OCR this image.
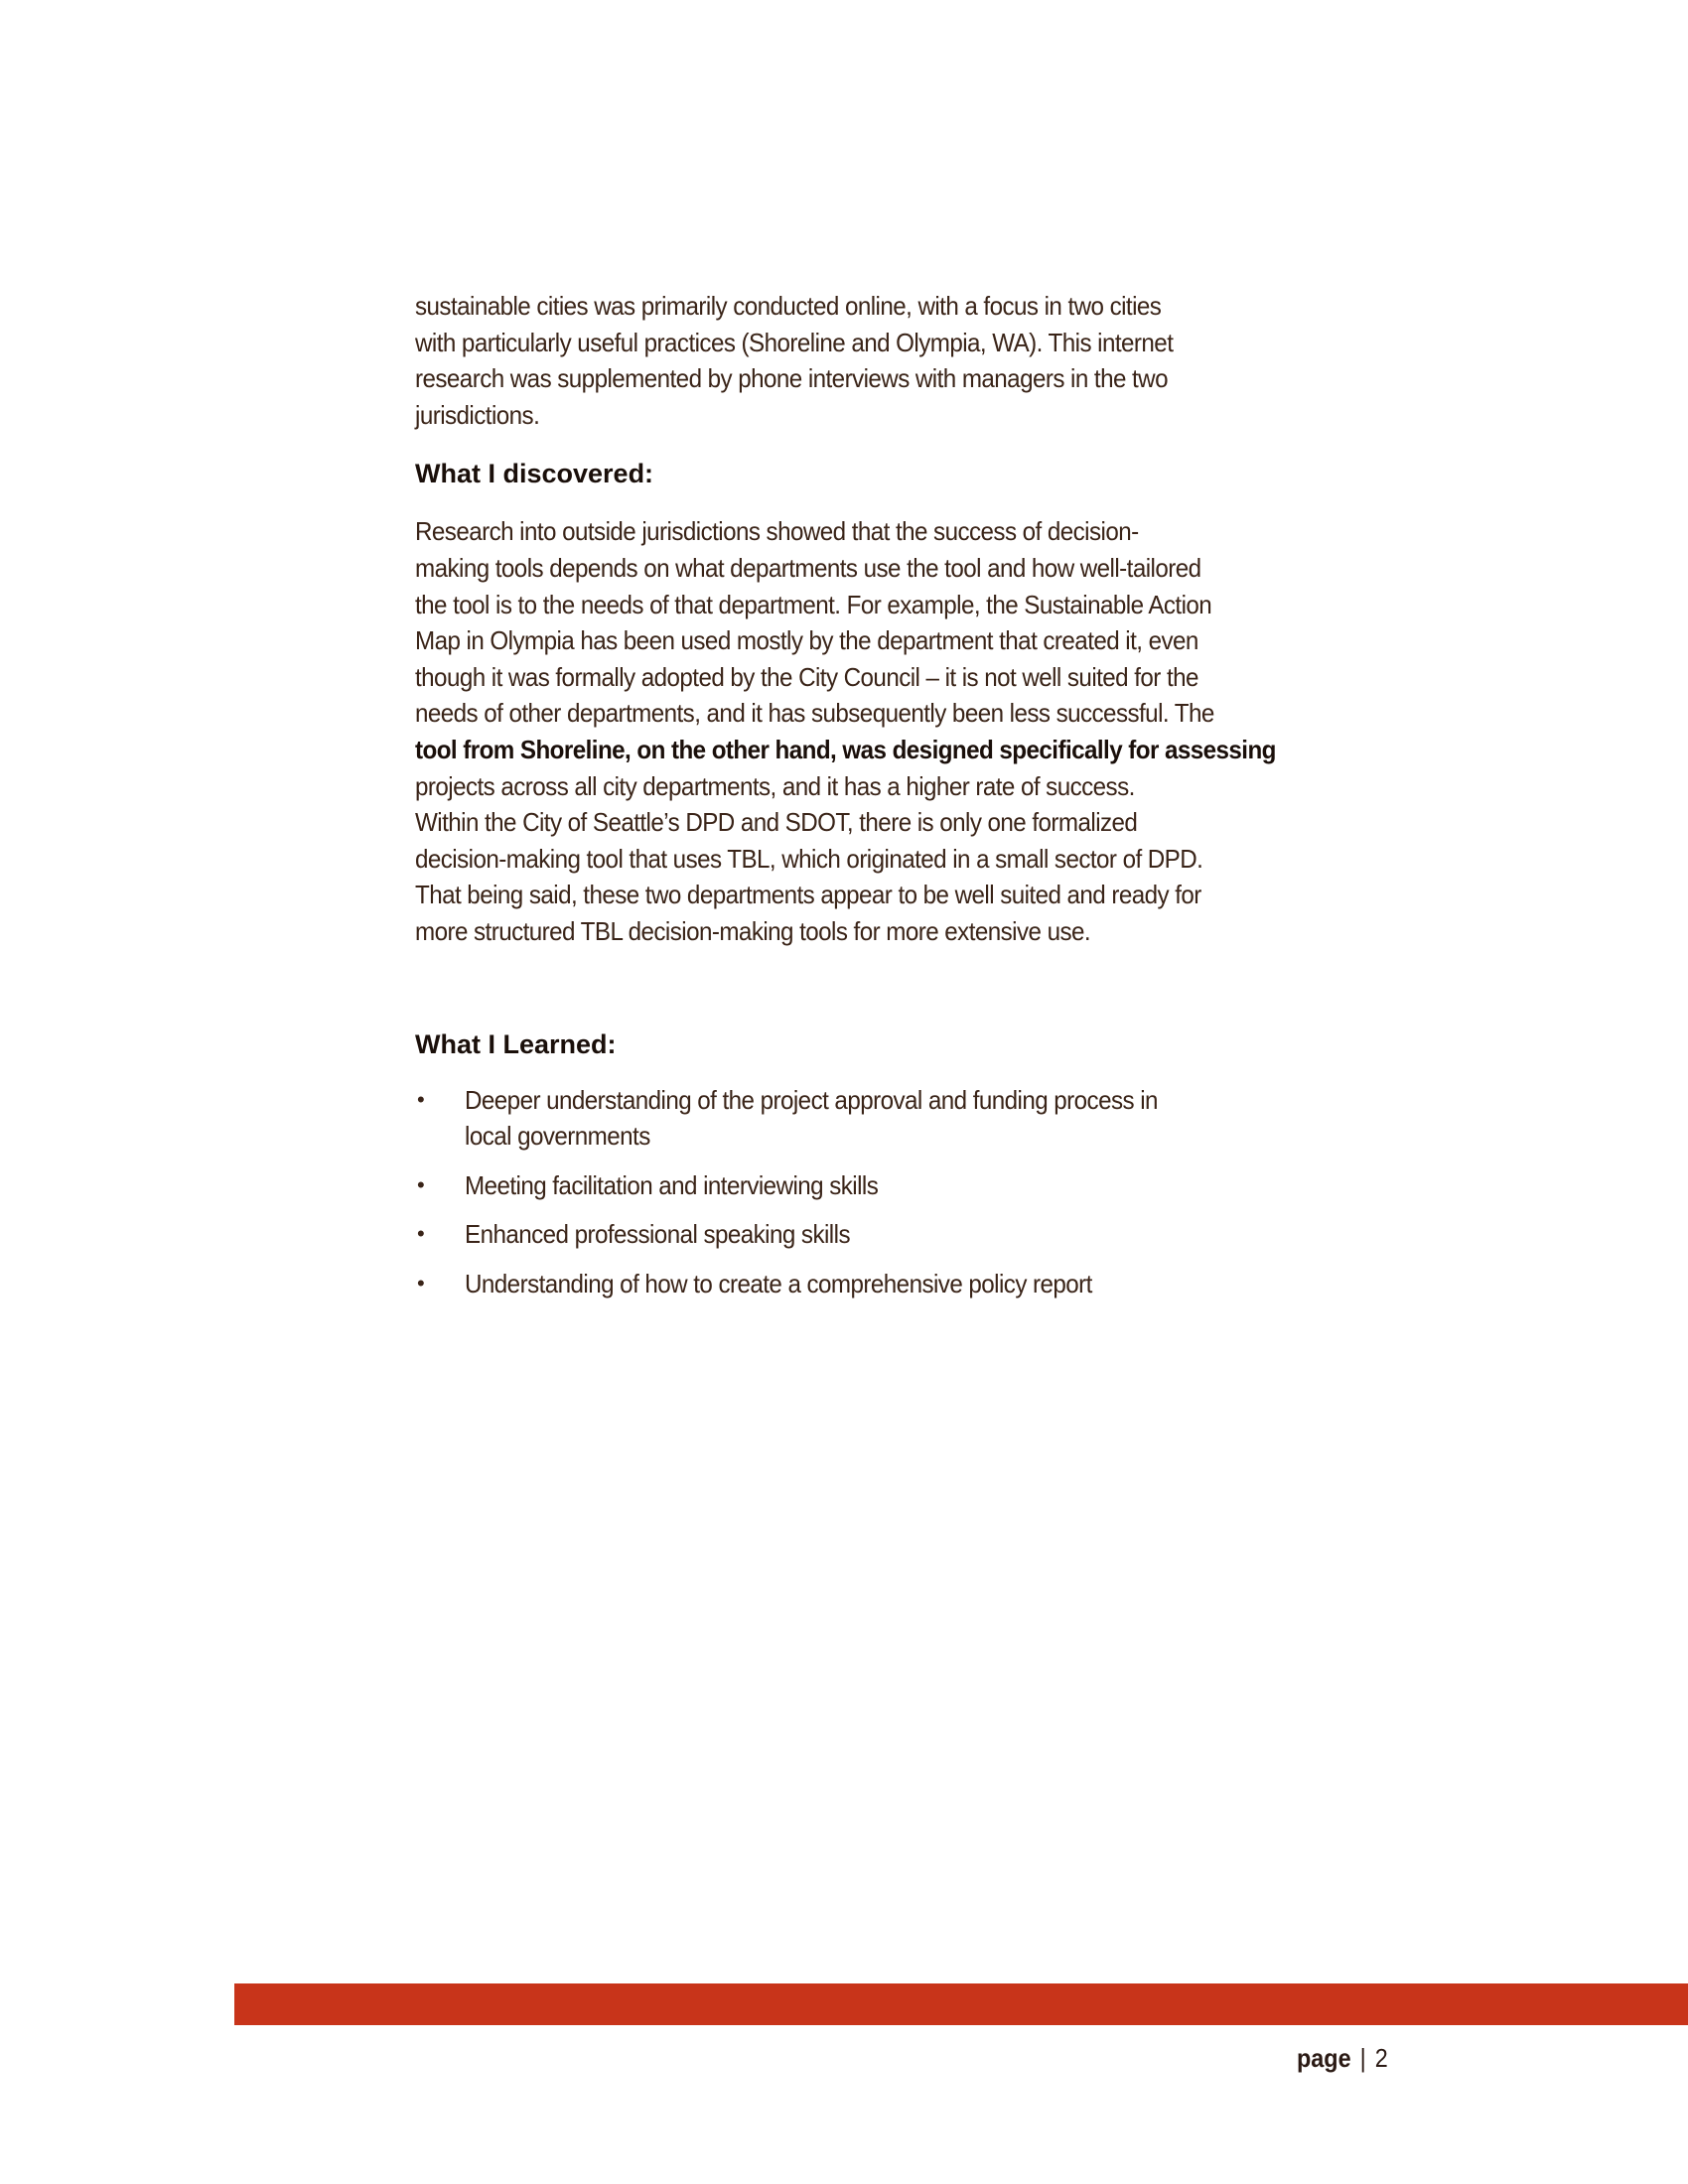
sustainable cities was primarily conducted online, with a focus in two cities
with particularly useful practices (Shoreline and Olympia, WA). This internet
research was supplemented by phone interviews with managers in the two
jurisdictions.

What I discovered:

Research into outside jurisdictions showed that the success of decision-
making tools depends on what departments use the tool and how well-tailored
the tool is to the needs of that department. For example, the Sustainable Action
Map in Olympia has been used mostly by the department that created it, even
though it was formally adopted by the City Council – it is not well suited for the
needs of other departments, and it has subsequently been less successful. The
tool from Shoreline, on the other hand, was designed specifically for assessing
projects across all city departments, and it has a higher rate of success.
Within the City of Seattle’s DPD and SDOT, there is only one formalized
decision-making tool that uses TBL, which originated in a small sector of DPD.
That being said, these two departments appear to be well suited and ready for
more structured TBL decision-making tools for more extensive use.

What I Learned:
• Deeper understanding of the project approval and funding process in
local governments
• Meeting facilitation and interviewing skills
• Enhanced professional speaking skills
• Understanding of how to create a comprehensive policy report
page | 2
